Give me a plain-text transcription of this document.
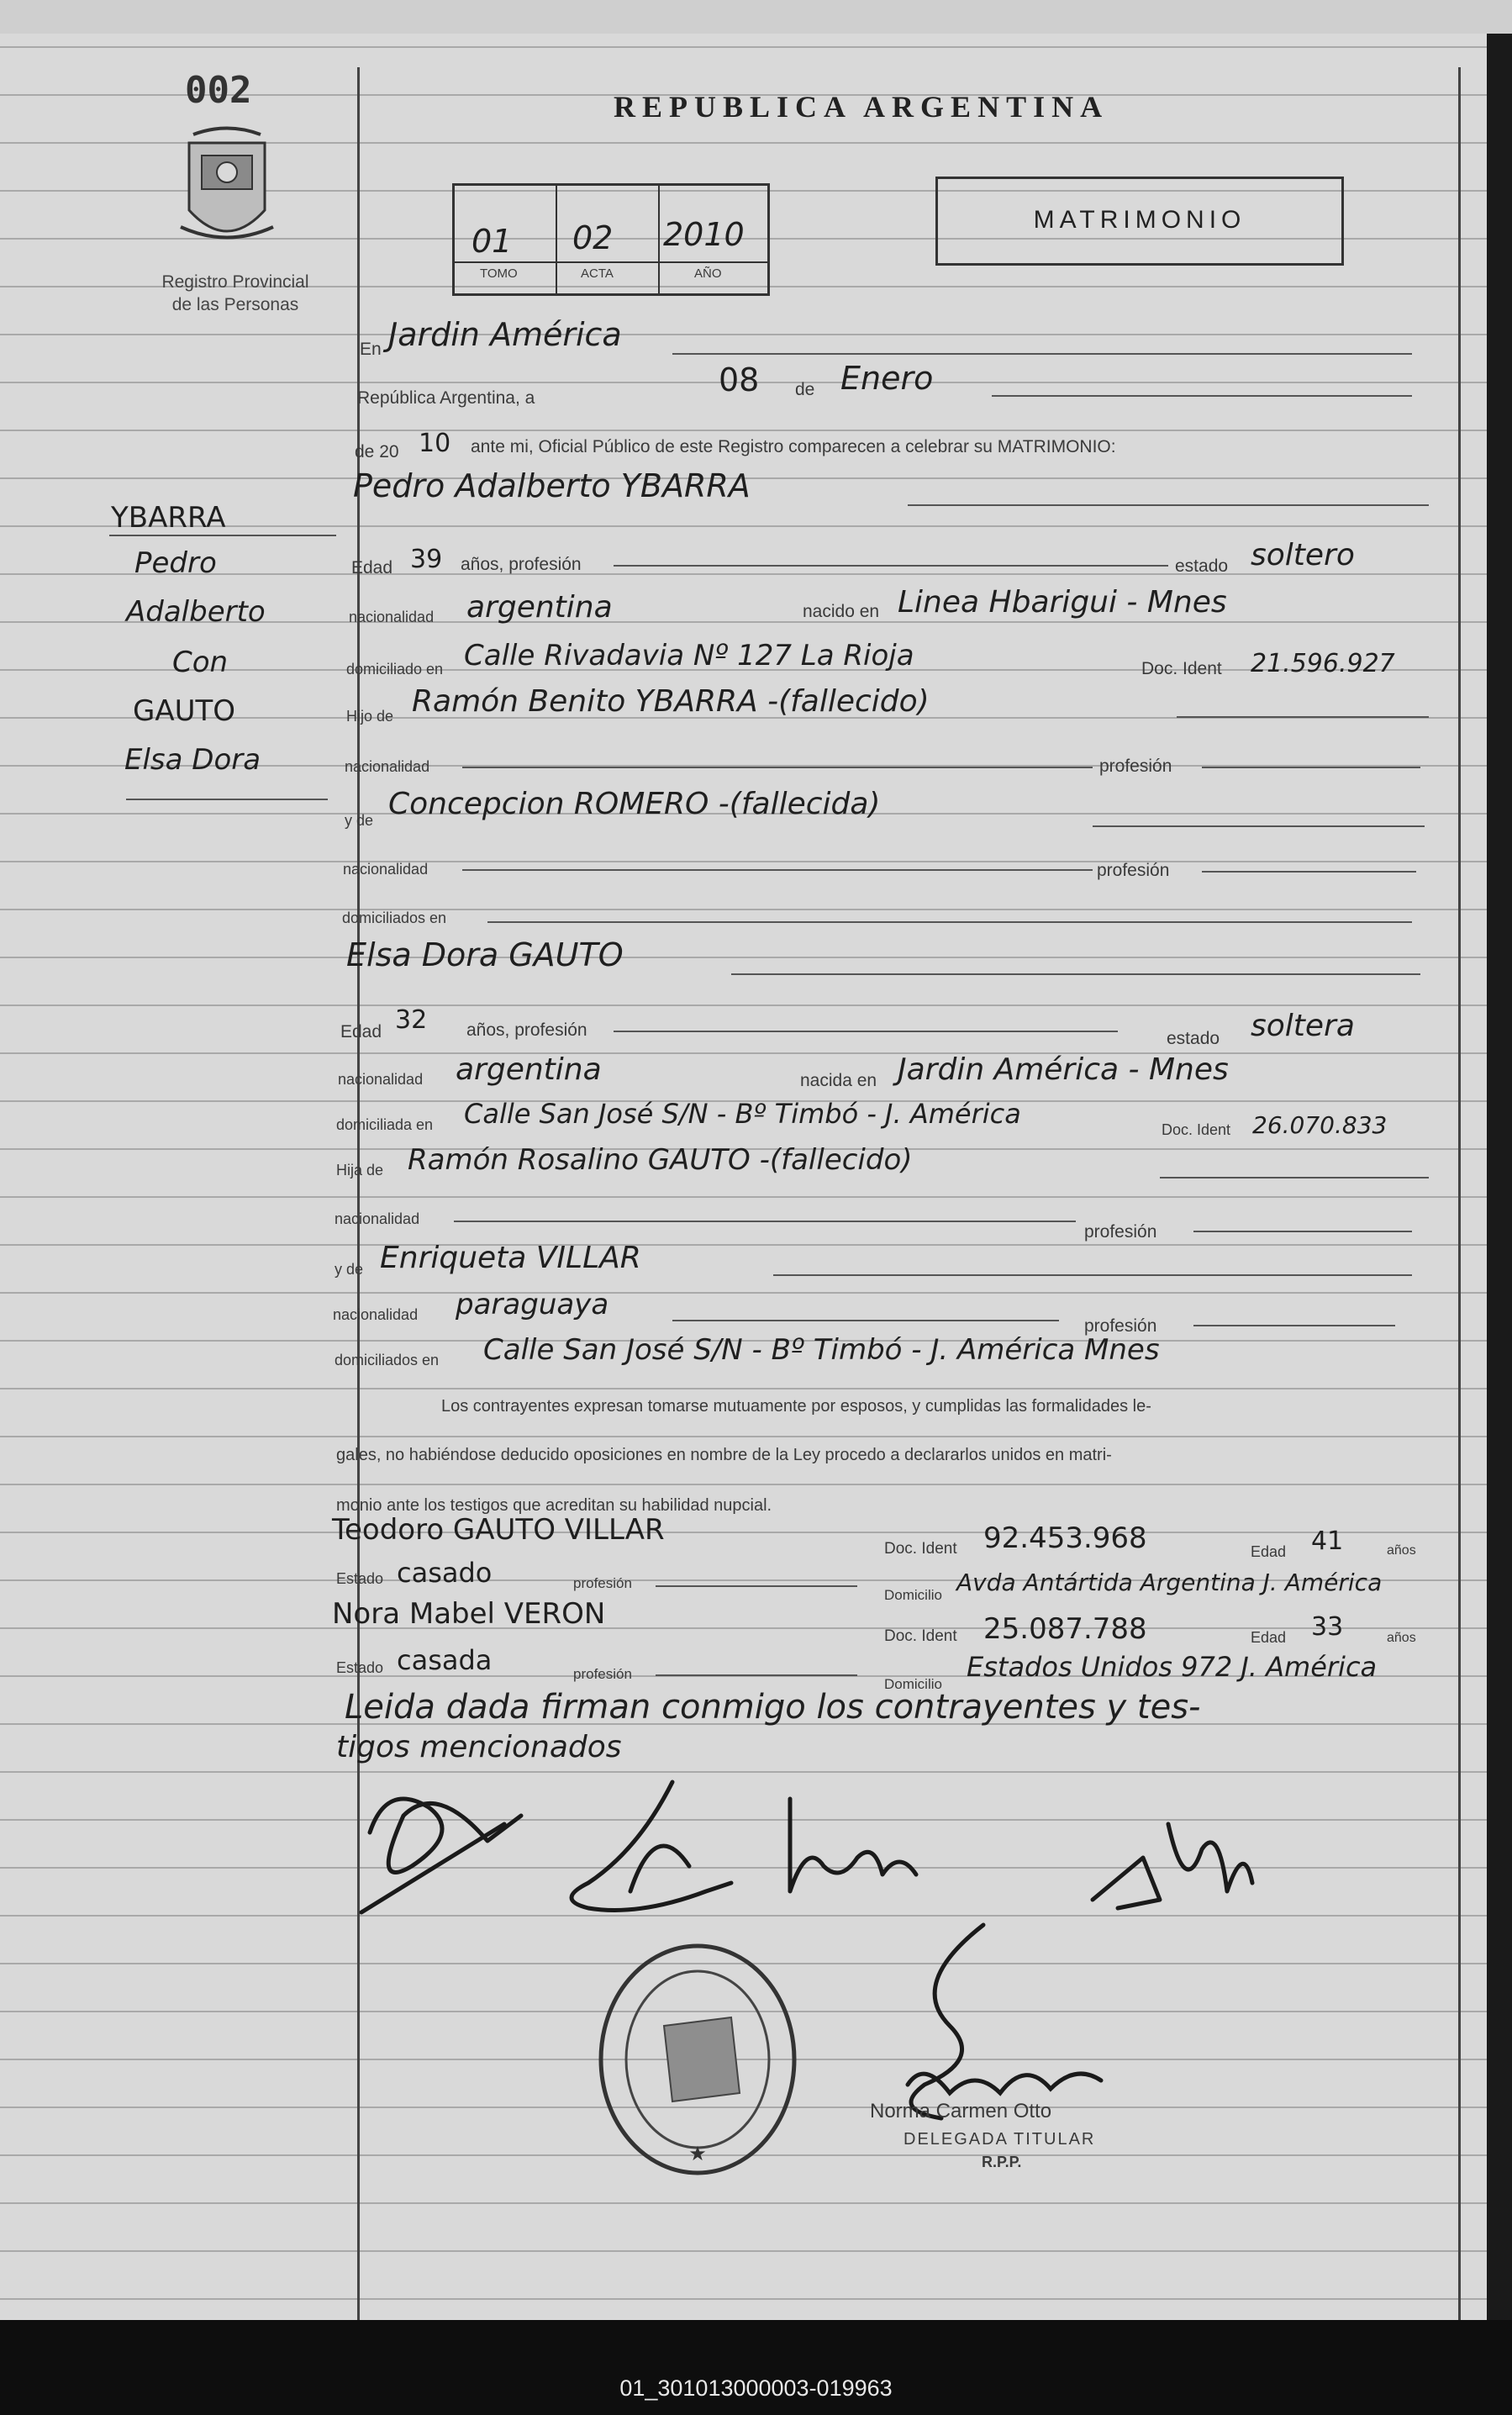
002
Registro Provincial
de las Personas
REPUBLICA ARGENTINA
01 02 2010
TOMO	ACTA	AÑO
MATRIMONIO
YBARRA
Pedro
Adalberto
Con
GAUTO
Elsa Dora
En Jardin América
República Argentina, a	08 de Enero
de 20 10 ante mi, Oficial Público de este Registro comparecen a celebrar su MATRIMONIO:
Pedro Adalberto YBARRA
Edad 39 años, profesión	estado soltero
nacionalidad argentina	nacido en Linea Hbarigui - Mnes
domiciliado en Calle Rivadavia Nº 127 La Rioja	Doc. Ident 21.596.927
Hijo de Ramón Benito YBARRA -(fallecido)
nacionalidad	profesión
y de Concepcion ROMERO -(fallecida)
nacionalidad	profesión
domiciliados en
Elsa Dora GAUTO
Edad 32 años, profesión	estado soltera
nacionalidad argentina	nacida en Jardin América - Mnes
domiciliada en Calle San José S/N - Bº Timbó - J. América	Doc. Ident 26.070.833
Hija de Ramón Rosalino GAUTO -(fallecido)
nacionalidad
profesión
y de Enriqueta VILLAR
nacionalidad paraguaya
profesión
domiciliados en Calle San José S/N - Bº Timbó - J. América Mnes
Los contrayentes expresan tomarse mutuamente por esposos, y cumplidas las formalidades le-
gales, no habiéndose deducido oposiciones en nombre de la Ley procedo a declararlos unidos en matri-
monio ante los testigos que acreditan su habilidad nupcial.
Teodoro GAUTO VILLAR
Doc. Ident 92.453.968	Edad 41	años
Estado casado	profesión
Domicilio Avda Antártida Argentina J. América
Nora Mabel VERON
Doc. Ident 25.087.788	Edad 33	años
Estado casada	profesión
Domicilio
Estados Unidos 972 J. América
Leida dada firman conmigo los contrayentes y tes-
tigos mencionados
★
Norma Carmen Otto
DELEGADA TITULAR
R.P.P.
01_301013000003-019963
